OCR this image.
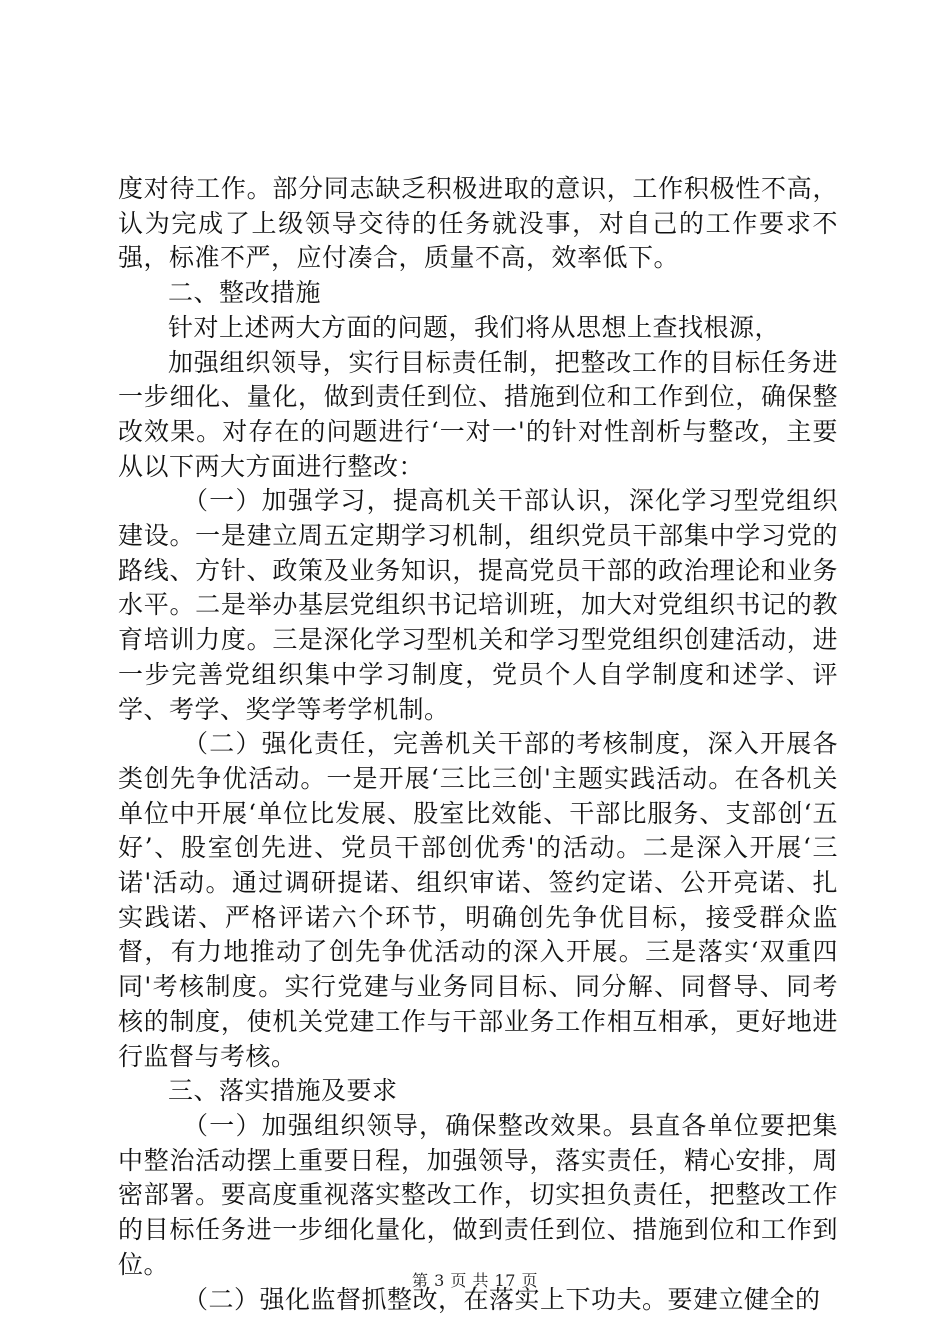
度对待工作。部分同志缺乏积极进取的意识，工作积极性不高，认为完成了上级领导交待的任务就没事，对自己的工作要求不强，标准不严，应付凑合，质量不高，效率低下。

二、整改措施

针对上述两大方面的问题，我们将从思想上查找根源，

加强组织领导，实行目标责任制，把整改工作的目标任务进一步细化、量化，做到责任到位、措施到位和工作到位，确保整改效果。对存在的问题进行‘一对一'的针对性剖析与整改，主要从以下两大方面进行整改：

（一）加强学习，提高机关干部认识，深化学习型党组织建设。一是建立周五定期学习机制，组织党员干部集中学习党的路线、方针、政策及业务知识，提高党员干部的政治理论和业务水平。二是举办基层党组织书记培训班，加大对党组织书记的教育培训力度。三是深化学习型机关和学习型党组织创建活动，进一步完善党组织集中学习制度，党员个人自学制度和述学、评学、考学、奖学等考学机制。

（二）强化责任，完善机关干部的考核制度，深入开展各类创先争优活动。一是开展‘三比三创'主题实践活动。在各机关单位中开展‘单位比发展、股室比效能、干部比服务、支部创‘五好’、股室创先进、党员干部创优秀'的活动。二是深入开展‘三诺'活动。通过调研提诺、组织审诺、签约定诺、公开亮诺、扎实践诺、严格评诺六个环节，明确创先争优目标，接受群众监督，有力地推动了创先争优活动的深入开展。三是落实‘双重四同'考核制度。实行党建与业务同目标、同分解、同督导、同考核的制度，使机关党建工作与干部业务工作相互相承，更好地进行监督与考核。

三、落实措施及要求

（一）加强组织领导，确保整改效果。县直各单位要把集中整治活动摆上重要日程，加强领导，落实责任，精心安排，周密部署。要高度重视落实整改工作，切实担负责任，把整改工作的目标任务进一步细化量化，做到责任到位、措施到位和工作到位。

（二）强化监督抓整改，在落实上下功夫。要建立健全的

第 3 页 共 17 页
